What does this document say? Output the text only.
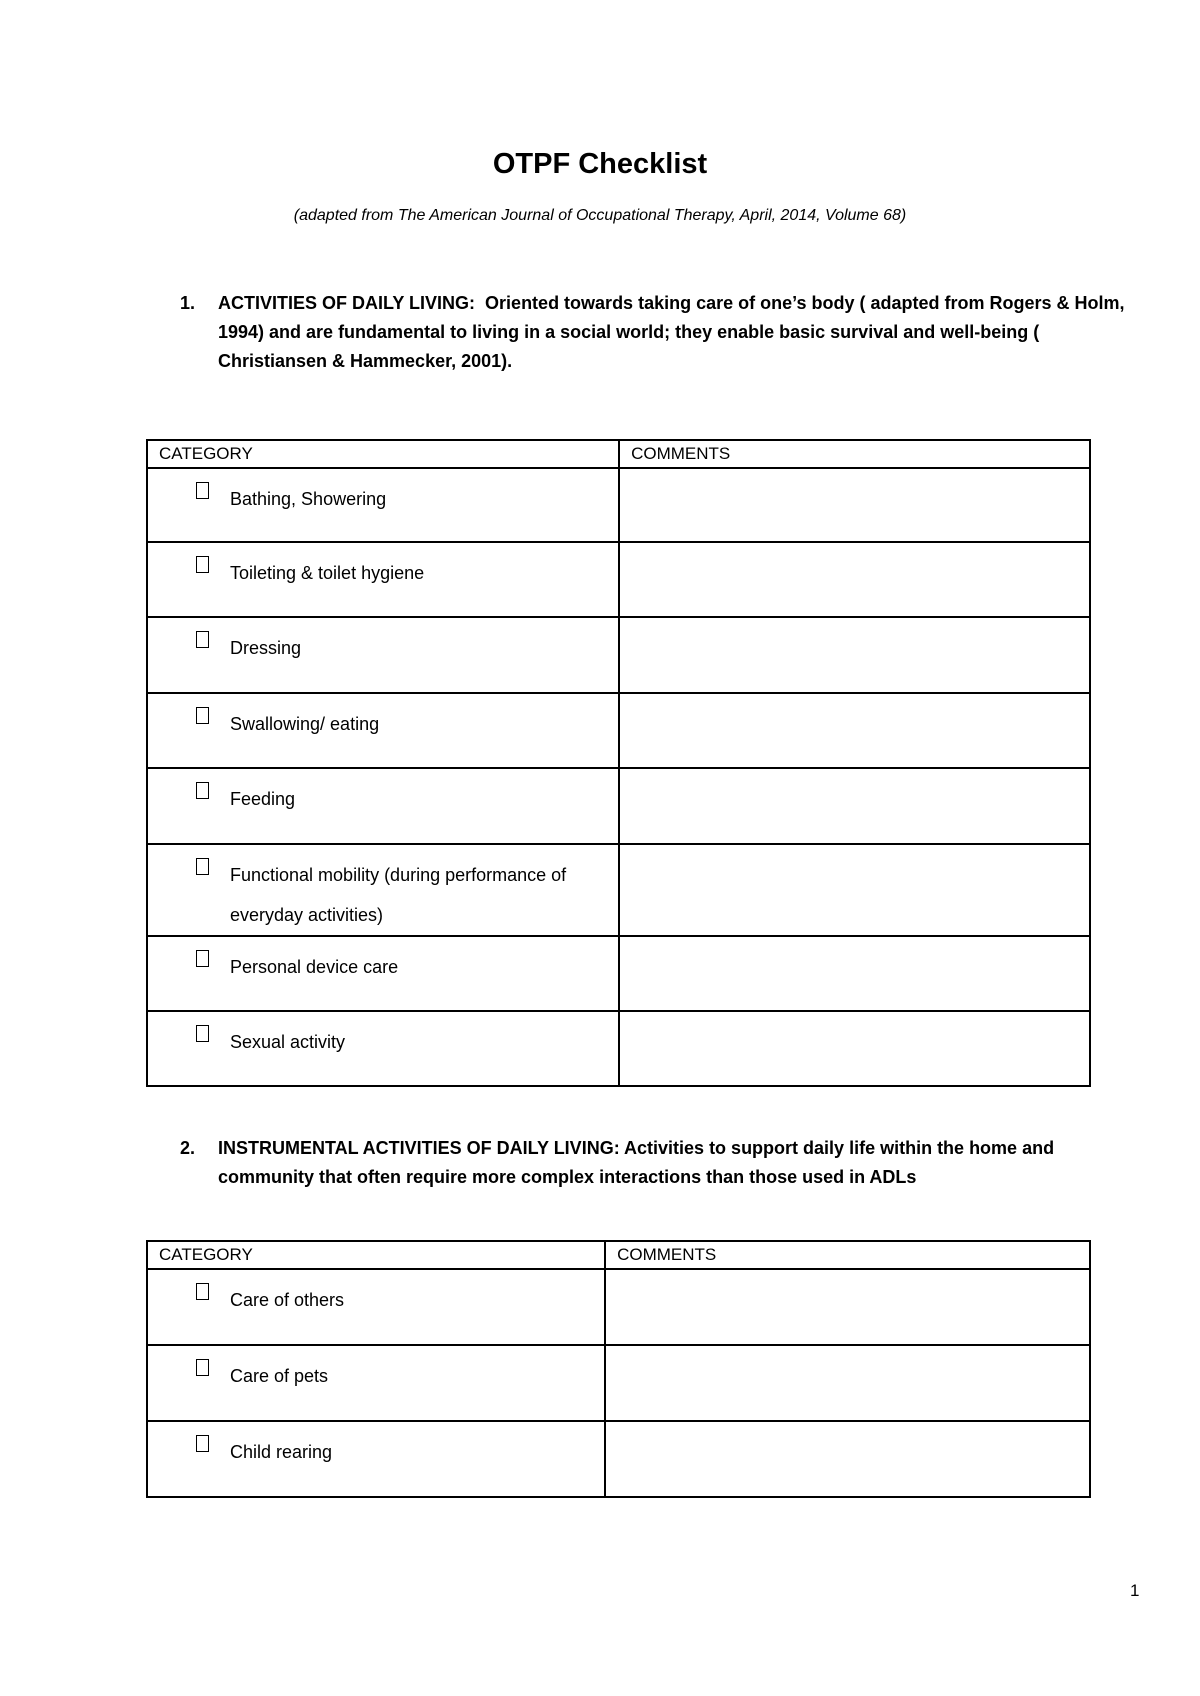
OTPF Checklist
(adapted from The American Journal of Occupational Therapy, April, 2014, Volume 68)
1. ACTIVITIES OF DAILY LIVING: Oriented towards taking care of one’s body ( adapted from Rogers & Holm, 1994) and are fundamental to living in a social world; they enable basic survival and well-being ( Christiansen & Hammecker, 2001).
CATEGORY	COMMENTS

Bathing, Showering	

Toileting & toilet hygiene	

Dressing	

Swallowing/ eating	

Feeding	

Functional mobility (during performance of everyday activities)	

Personal device care	

Sexual activity	

2. INSTRUMENTAL ACTIVITIES OF DAILY LIVING: Activities to support daily life within the home and community that often require more complex interactions than those used in ADLs
CATEGORY	COMMENTS

Care of others	

Care of pets	

Child rearing	

1
